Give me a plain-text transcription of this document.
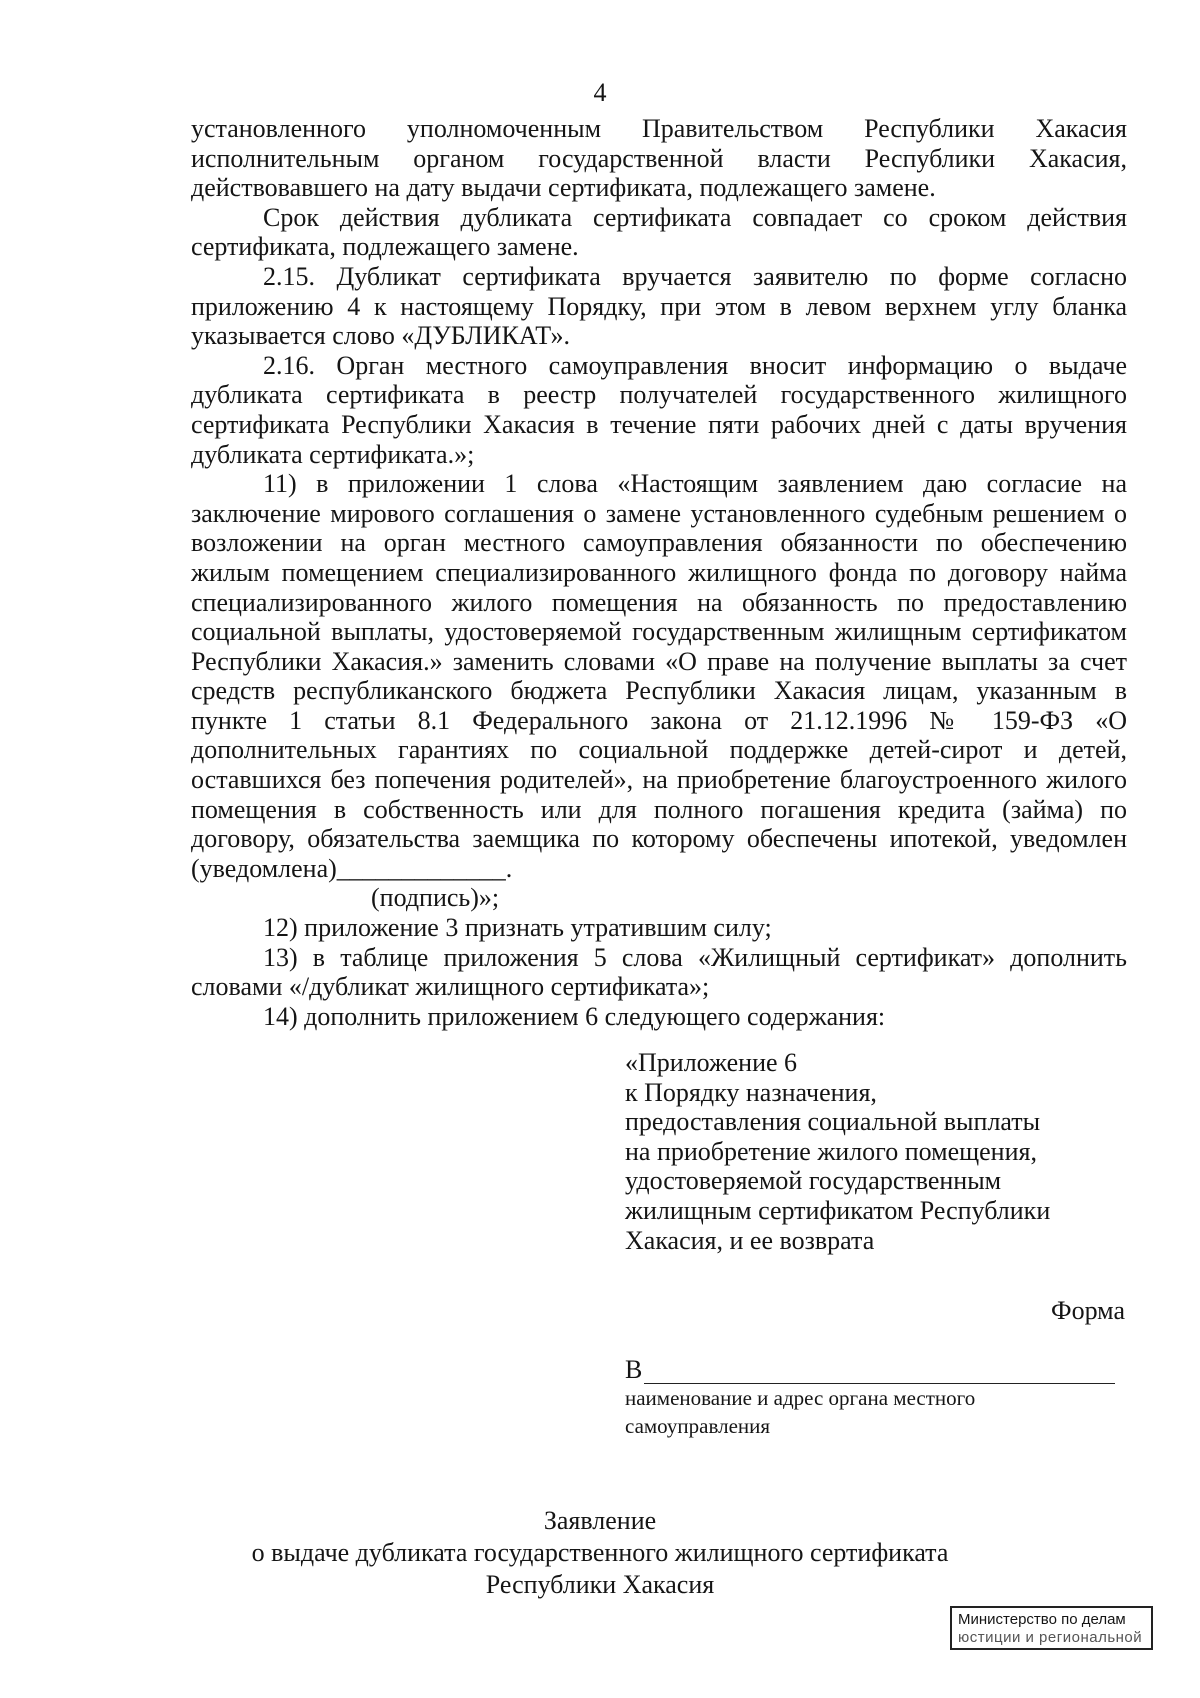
4

установленного уполномоченным Правительством Республики Хакасия исполнительным органом государственной власти Республики Хакасия, действовавшего на дату выдачи сертификата, подлежащего замене.

Срок действия дубликата сертификата совпадает со сроком действия сертификата, подлежащего замене.

2.15. Дубликат сертификата вручается заявителю по форме согласно приложению 4 к настоящему Порядку, при этом в левом верхнем углу бланка указывается слово «ДУБЛИКАТ».

2.16. Орган местного самоуправления вносит информацию о выдаче дубликата сертификата в реестр получателей государственного жилищного сертификата Республики Хакасия в течение пяти рабочих дней с даты вручения дубликата сертификата.»;

11) в приложении 1 слова «Настоящим заявлением даю согласие на заключение мирового соглашения о замене установленного судебным решением о возложении на орган местного самоуправления обязанности по обеспечению жилым помещением специализированного жилищного фонда по договору найма специализированного жилого помещения на обязанность по предоставлению социальной выплаты, удостоверяемой государственным жилищным сертификатом Республики Хакасия.» заменить словами «О праве на получение выплаты за счет средств республиканского бюджета Республики Хакасия лицам, указанным в пункте 1 статьи 8.1 Федерального закона от 21.12.1996 № 159-ФЗ «О дополнительных гарантиях по социальной поддержке детей-сирот и детей, оставшихся без попечения родителей», на приобретение благоустроенного жилого помещения в собственность или для полного погашения кредита (займа) по договору, обязательства заемщика по которому обеспечены ипотекой, уведомлен (уведомлена)_____________.

(подпись)»;

12) приложение 3 признать утратившим силу;

13) в таблице приложения 5 слова «Жилищный сертификат» дополнить словами «/дубликат жилищного сертификата»;

14) дополнить приложением 6 следующего содержания:

«Приложение 6
к Порядку назначения,
предоставления социальной выплаты
на приобретение жилого помещения,
удостоверяемой государственным
жилищным сертификатом Республики
Хакасия, и ее возврата
Форма
В
наименование и адрес органа местного
самоуправления
Заявление
о выдаче дубликата государственного жилищного сертификата
Республики Хакасия
Министерство по делам
юстиции и региональной
